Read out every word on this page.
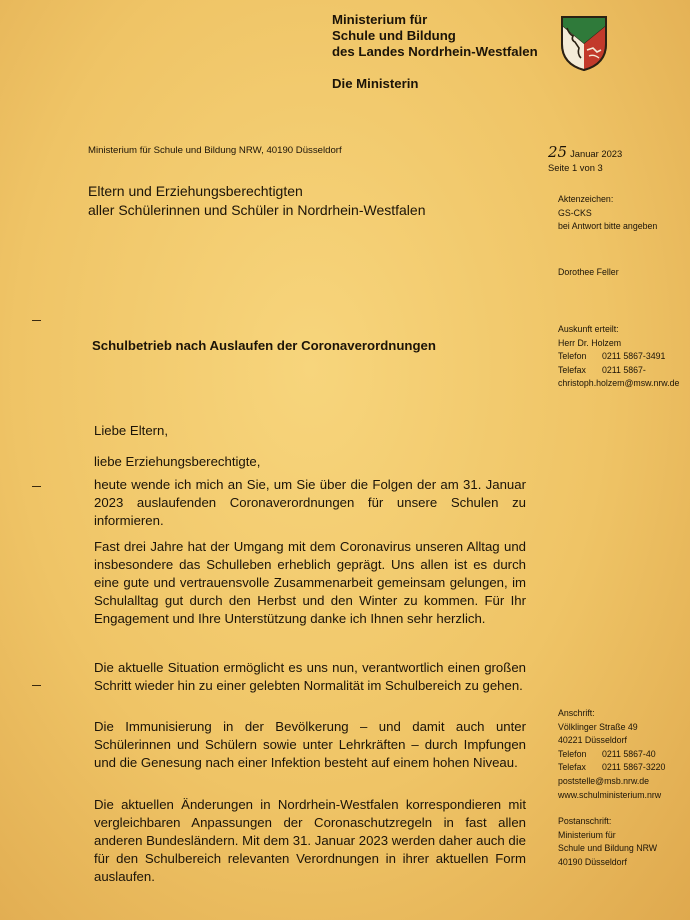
Ministerium für
Schule und Bildung
des Landes Nordrhein-Westfalen
Die Ministerin
Ministerium für Schule und Bildung NRW, 40190 Düsseldorf	25 Januar 2023
Seite 1 von 3
Eltern und Erziehungsberechtigten
aller Schülerinnen und Schüler in Nordrhein-Westfalen
Aktenzeichen:
GS-CKS
bei Antwort bitte angeben
Dorothee Feller
Auskunft erteilt:
Herr Dr. Holzem
Telefon 0211 5867-3491
Telefax 0211 5867-
christoph.holzem@msw.nrw.de
Schulbetrieb nach Auslaufen der Coronaverordnungen
Liebe Eltern,
liebe Erziehungsberechtigte,
heute wende ich mich an Sie, um Sie über die Folgen der am 31. Januar 2023 auslaufenden Coronaverordnungen für unsere Schulen zu informieren.
Fast drei Jahre hat der Umgang mit dem Coronavirus unseren Alltag und insbesondere das Schulleben erheblich geprägt. Uns allen ist es durch eine gute und vertrauensvolle Zusammenarbeit gemeinsam gelungen, im Schulalltag gut durch den Herbst und den Winter zu kommen. Für Ihr Engagement und Ihre Unterstützung danke ich Ihnen sehr herzlich.
Die aktuelle Situation ermöglicht es uns nun, verantwortlich einen großen Schritt wieder hin zu einer gelebten Normalität im Schulbereich zu gehen.
Die Immunisierung in der Bevölkerung – und damit auch unter Schülerinnen und Schülern sowie unter Lehrkräften – durch Impfungen und die Genesung nach einer Infektion besteht auf einem hohen Niveau.
Die aktuellen Änderungen in Nordrhein-Westfalen korrespondieren mit vergleichbaren Anpassungen der Coronaschutzregeln in fast allen anderen Bundesländern. Mit dem 31. Januar 2023 werden daher auch die für den Schulbereich relevanten Verordnungen in ihrer aktuellen Form auslaufen.
Anschrift:
Völklinger Straße 49
40221 Düsseldorf
Telefon 0211 5867-40
Telefax 0211 5867-3220
poststelle@msb.nrw.de
www.schulministerium.nrw
Postanschrift:
Ministerium für
Schule und Bildung NRW
40190 Düsseldorf
